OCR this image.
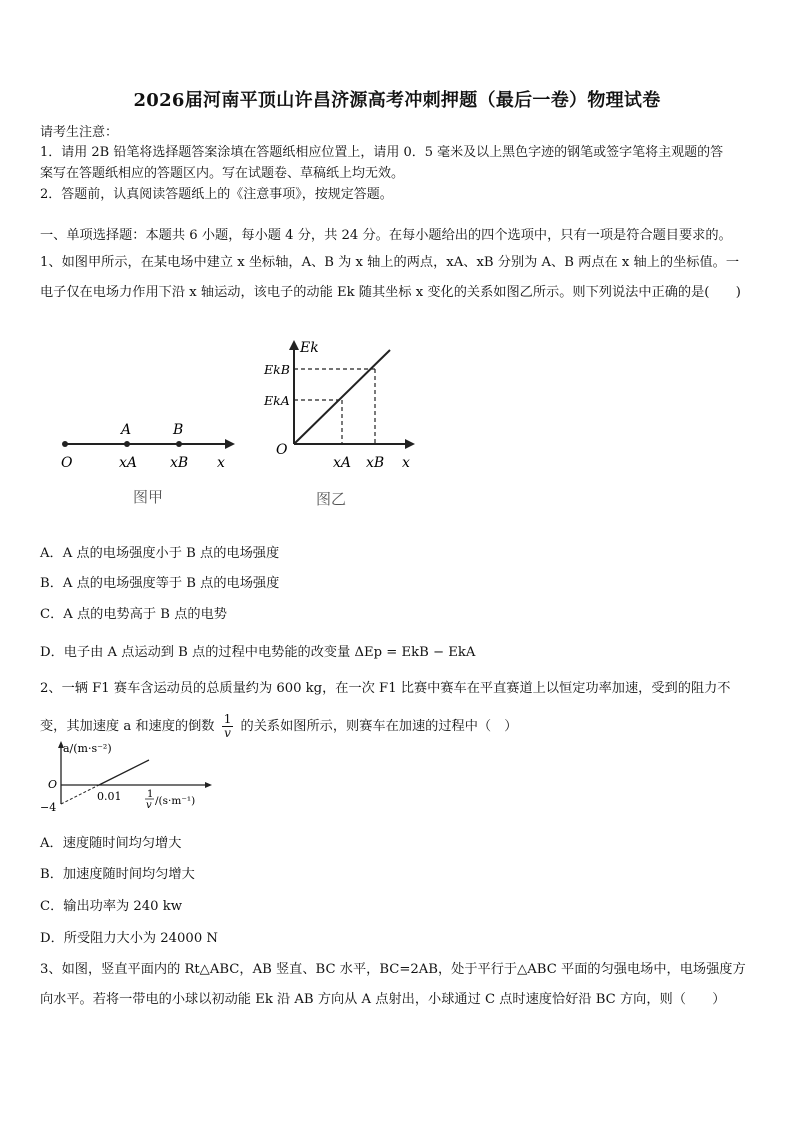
2026届河南平顶山许昌济源高考冲刺押题（最后一卷）物理试卷
请考生注意：
1．请用 2B 铅笔将选择题答案涂填在答题纸相应位置上，请用 0．5 毫米及以上黑色字迹的钢笔或签字笔将主观题的答
案写在答题纸相应的答题区内。写在试题卷、草稿纸上均无效。
2．答题前，认真阅读答题纸上的《注意事项》，按规定答题。
一、单项选择题：本题共 6 小题，每小题 4 分，共 24 分。在每小题给出的四个选项中，只有一项是符合题目要求的。
1、如图甲所示，在某电场中建立 x 坐标轴，A、B 为 x 轴上的两点，xA、xB 分别为 A、B 两点在 x 轴上的坐标值。一
电子仅在电场力作用下沿 x 轴运动，该电子的动能 Ek 随其坐标 x 变化的关系如图乙所示。则下列说法中正确的是(　　)
A	B
O	xA xB x
图甲
Ek
EkB
EkA
O
xA xB x
图乙
A．A 点的电场强度小于 B 点的电场强度
B．A 点的电场强度等于 B 点的电场强度
C．A 点的电势高于 B 点的电势
D．电子由 A 点运动到 B 点的过程中电势能的改变量 ΔEp = EkB − EkA
2、一辆 F1 赛车含运动员的总质量约为 600 kg，在一次 F1 比赛中赛车在平直赛道上以恒定功率加速，受到的阻力不
变，其加速度 a 和速度的倒数 $\frac{1}{v}$ 的关系如图所示，则赛车在加速的过程中（　）
a/(m·s⁻²)
O
−4
0.01	1
v /(s·m⁻¹)
A．速度随时间均匀增大
B．加速度随时间均匀增大
C．输出功率为 240 kw
D．所受阻力大小为 24000 N
3、如图，竖直平面内的 Rt△ABC，AB 竖直、BC 水平，BC=2AB，处于平行于△ABC 平面的匀强电场中，电场强度方
向水平。若将一带电的小球以初动能 Ek 沿 AB 方向从 A 点射出，小球通过 C 点时速度恰好沿 BC 方向，则（　　）
